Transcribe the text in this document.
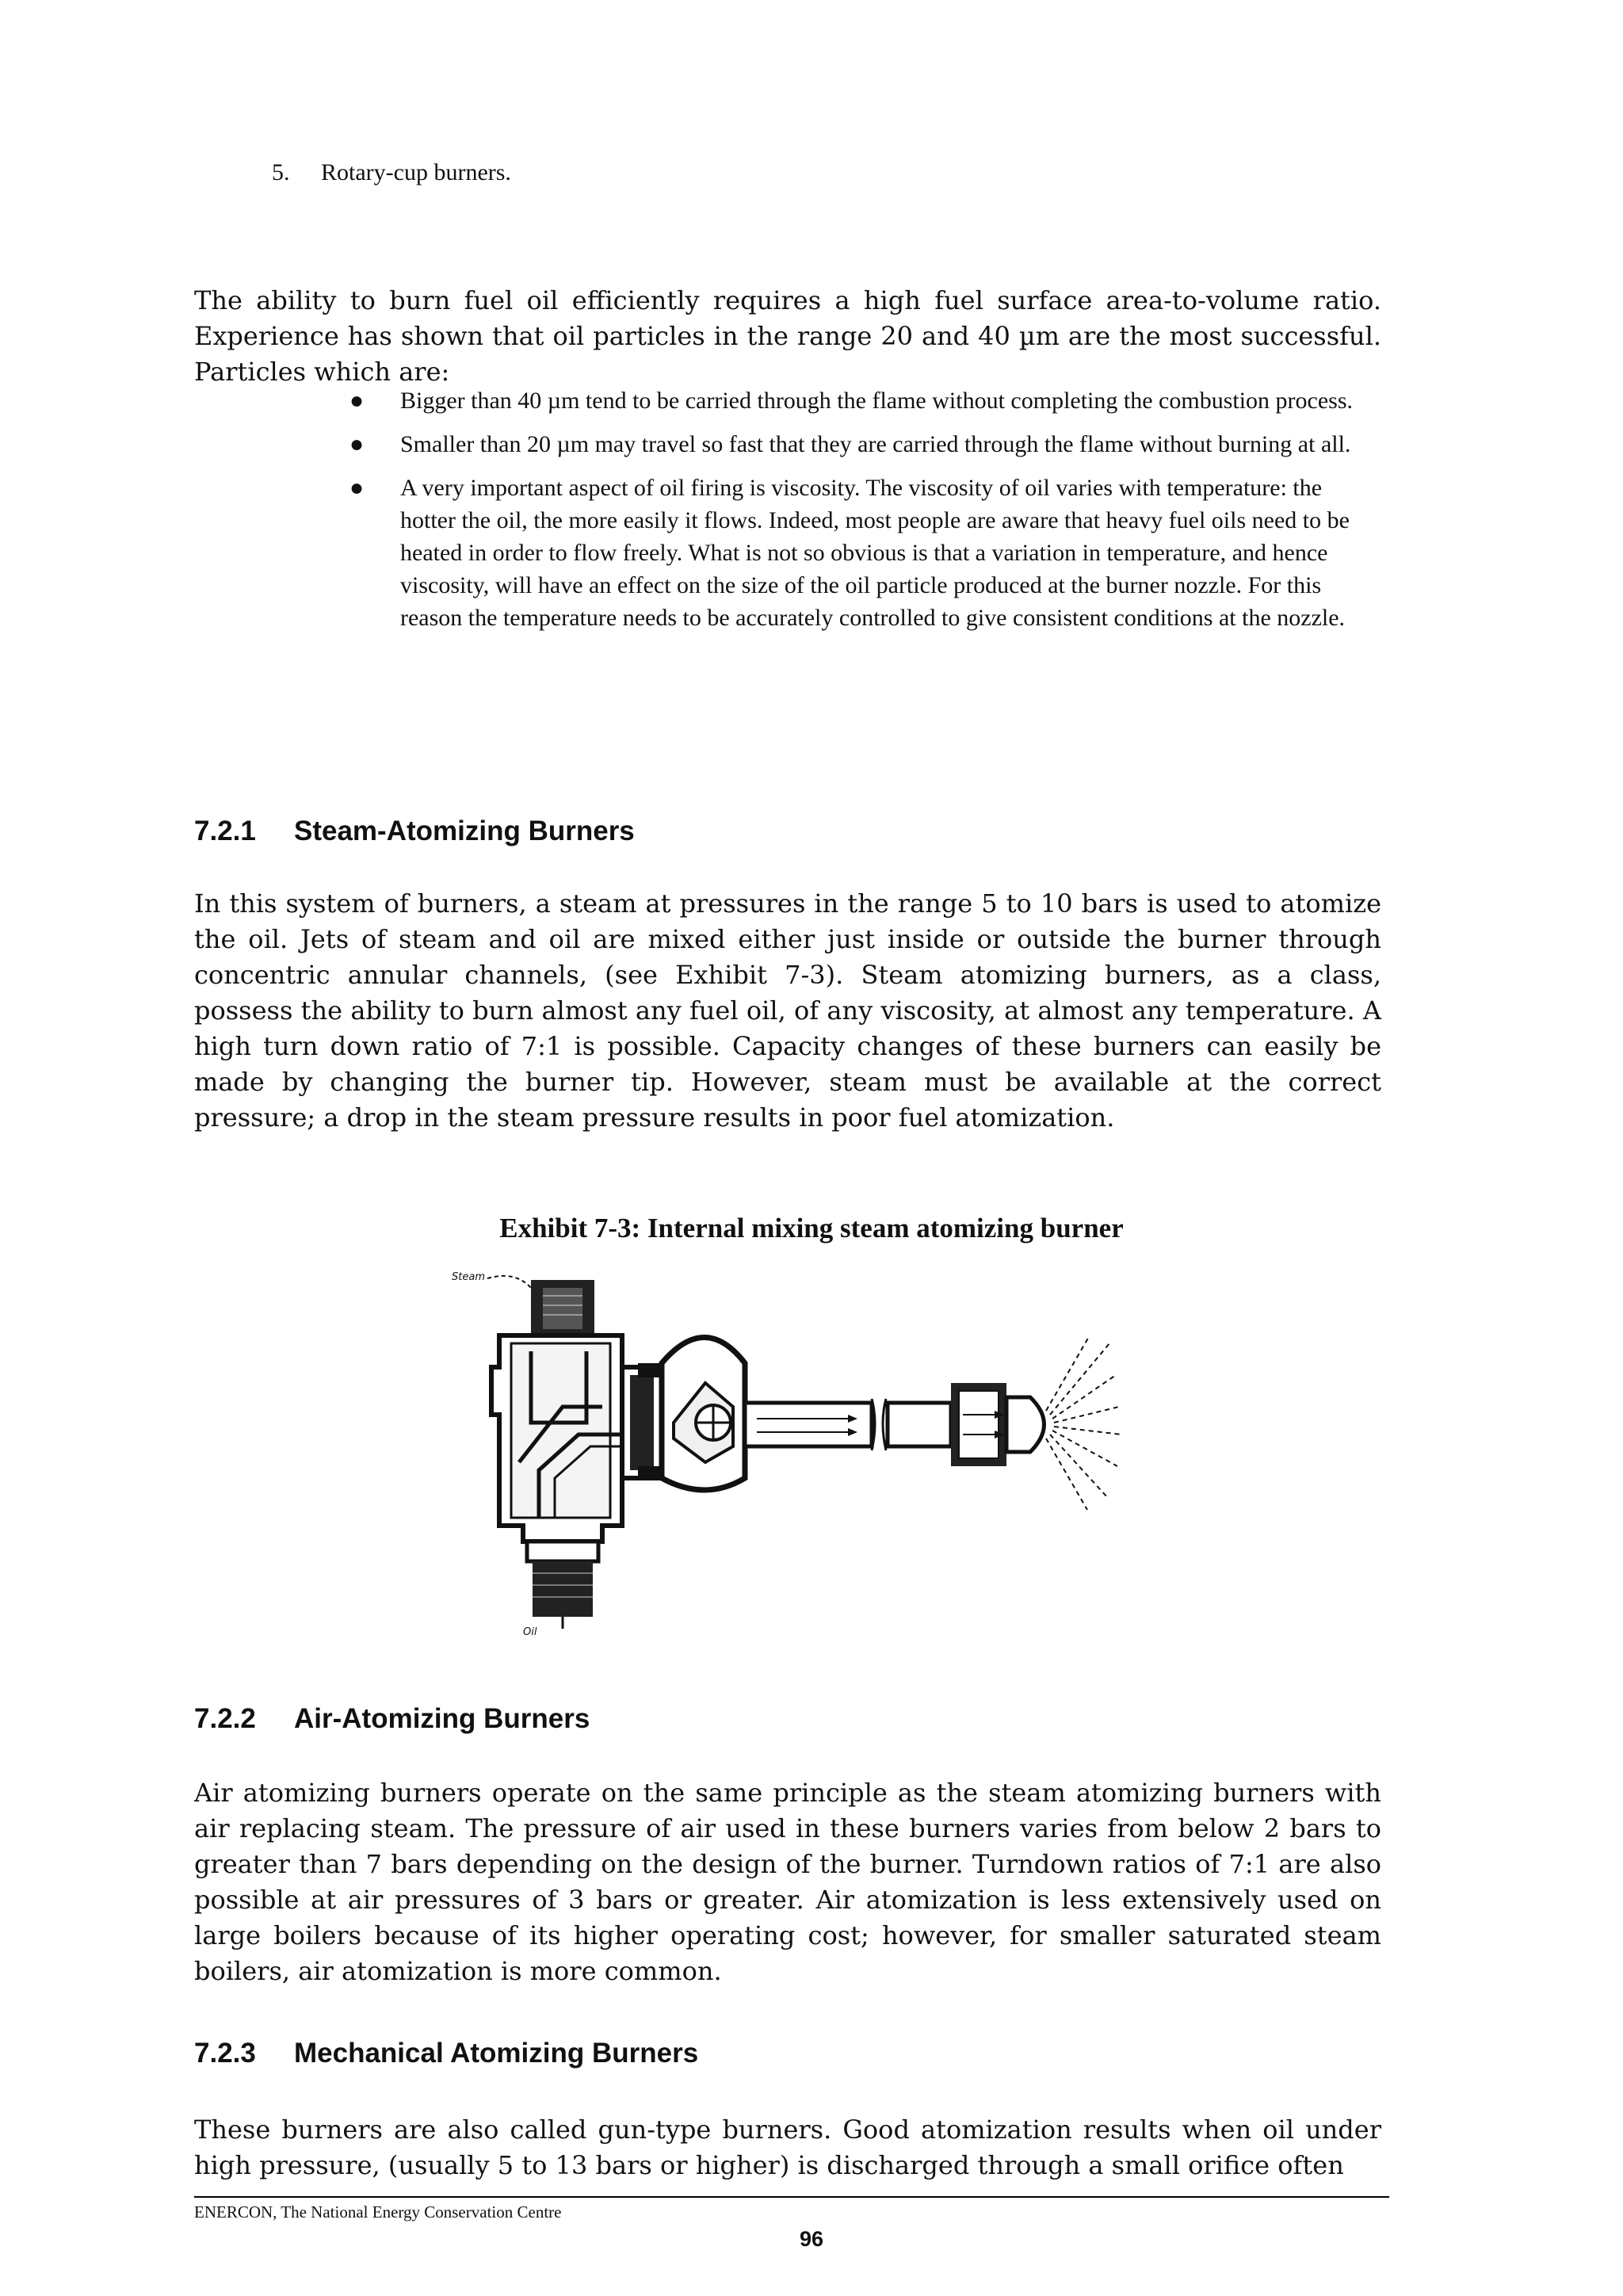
5. Rotary-cup burners.

The ability to burn fuel oil efficiently requires a high fuel surface area-to-volume ratio. Experience has shown that oil particles in the range 20 and 40 µm are the most successful. Particles which are:

● Bigger than 40 µm tend to be carried through the flame without completing the combustion process.
● Smaller than 20 µm may travel so fast that they are carried through the flame without burning at all.
● A very important aspect of oil firing is viscosity. The viscosity of oil varies with temperature: the hotter the oil, the more easily it flows. Indeed, most people are aware that heavy fuel oils need to be heated in order to flow freely. What is not so obvious is that a variation in temperature, and hence viscosity, will have an effect on the size of the oil particle produced at the burner nozzle. For this reason the temperature needs to be accurately controlled to give consistent conditions at the nozzle.
7.2.1 Steam-Atomizing Burners

In this system of burners, a steam at pressures in the range 5 to 10 bars is used to atomize the oil. Jets of steam and oil are mixed either just inside or outside the burner through concentric annular channels, (see Exhibit 7-3). Steam atomizing burners, as a class, possess the ability to burn almost any fuel oil, of any viscosity, at almost any temperature. A high turn down ratio of 7:1 is possible. Capacity changes of these burners can easily be made by changing the burner tip. However, steam must be available at the correct pressure; a drop in the steam pressure results in poor fuel atomization.

Exhibit 7-3: Internal mixing steam atomizing burner
Steam
Oil
7.2.2 Air-Atomizing Burners

Air atomizing burners operate on the same principle as the steam atomizing burners with air replacing steam. The pressure of air used in these burners varies from below 2 bars to greater than 7 bars depending on the design of the burner. Turndown ratios of 7:1 are also possible at air pressures of 3 bars or greater. Air atomization is less extensively used on large boilers because of its higher operating cost; however, for smaller saturated steam boilers, air atomization is more common.

7.2.3 Mechanical Atomizing Burners

These burners are also called gun-type burners. Good atomization results when oil under high pressure, (usually 5 to 13 bars or higher) is discharged through a small orifice often

ENERCON, The National Energy Conservation Centre
96
